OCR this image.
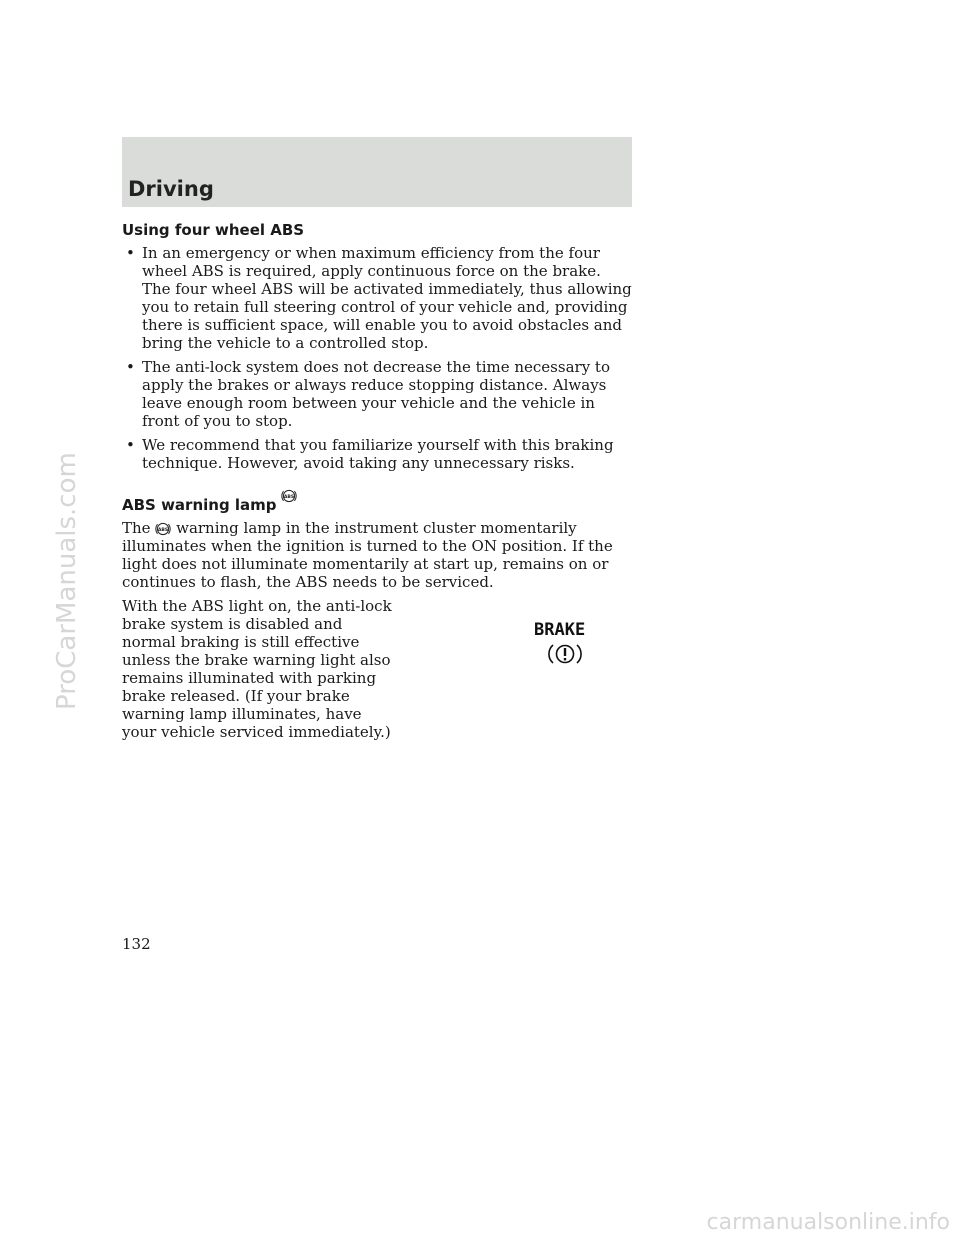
Driving
Using four wheel ABS
• In an emergency or when maximum efficiency from the four wheel ABS is required, apply continuous force on the brake. The four wheel ABS will be activated immediately, thus allowing you to retain full steering control of your vehicle and, providing there is sufficient space, will enable you to avoid obstacles and bring the vehicle to a controlled stop.
• The anti-lock system does not decrease the time necessary to apply the brakes or always reduce stopping distance. Always leave enough room between your vehicle and the vehicle in front of you to stop.
• We recommend that you familiarize yourself with this braking technique. However, avoid taking any unnecessary risks.
ABS warning lamp ABS

The ABS warning lamp in the instrument cluster momentarily illuminates when the ignition is turned to the ON position. If the light does not illuminate momentarily at start up, remains on or continues to flash, the ABS needs to be serviced.

BRAKE

With the ABS light on, the anti-lock brake system is disabled and normal braking is still effective unless the brake warning light also remains illuminated with parking brake released. (If your brake warning lamp illuminates, have your vehicle serviced immediately.)

132
ProCarManuals.com
carmanualsonline.info
